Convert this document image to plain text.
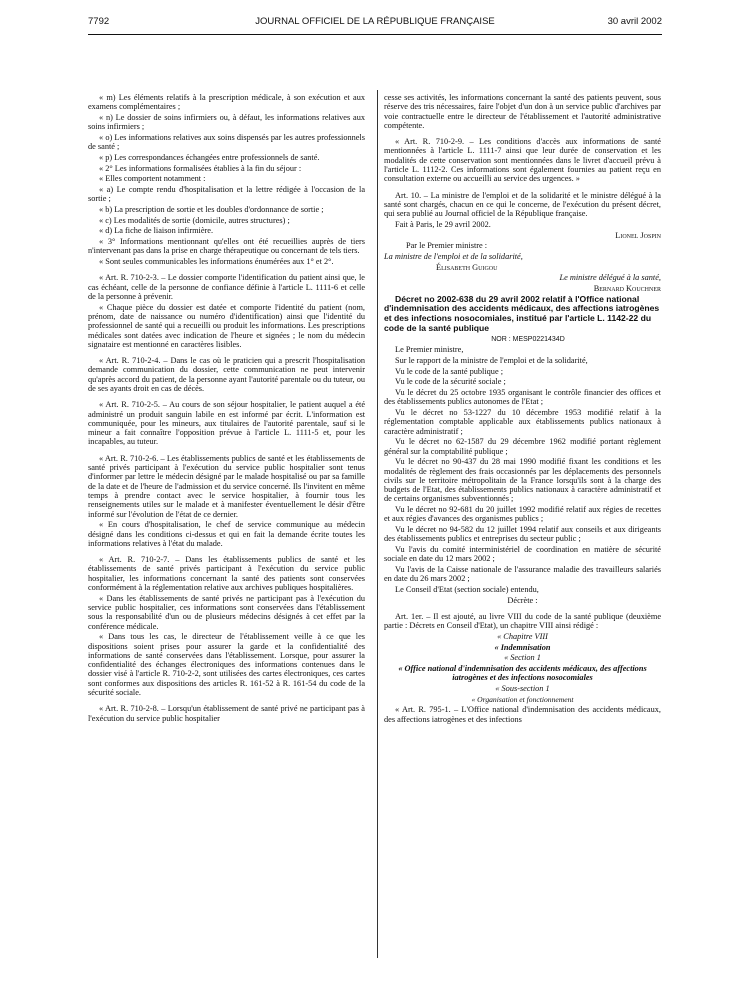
7792	JOURNAL OFFICIEL DE LA RÉPUBLIQUE FRANÇAISE	30 avril 2002

« m) Les éléments relatifs à la prescription médicale, à son exécution et aux examens complémentaires ;

« n) Le dossier de soins infirmiers ou, à défaut, les informations relatives aux soins infirmiers ;

« o) Les informations relatives aux soins dispensés par les autres professionnels de santé ;

« p) Les correspondances échangées entre professionnels de santé.

« 2° Les informations formalisées établies à la fin du séjour :

« Elles comportent notamment :

« a) Le compte rendu d'hospitalisation et la lettre rédigée à l'occasion de la sortie ;

« b) La prescription de sortie et les doubles d'ordonnance de sortie ;

« c) Les modalités de sortie (domicile, autres structures) ;

« d) La fiche de liaison infirmière.

« 3° Informations mentionnant qu'elles ont été recueillies auprès de tiers n'intervenant pas dans la prise en charge thérapeutique ou concernant de tels tiers.

« Sont seules communicables les informations énumérées aux 1° et 2°.

« Art. R. 710-2-3. – Le dossier comporte l'identification du patient ainsi que, le cas échéant, celle de la personne de confiance définie à l'article L. 1111-6 et celle de la personne à prévenir.

« Chaque pièce du dossier est datée et comporte l'identité du patient (nom, prénom, date de naissance ou numéro d'identification) ainsi que l'identité du professionnel de santé qui a recueilli ou produit les informations. Les prescriptions médicales sont datées avec indication de l'heure et signées ; le nom du médecin signataire est mentionné en caractères lisibles.

« Art. R. 710-2-4. – Dans le cas où le praticien qui a prescrit l'hospitalisation demande communication du dossier, cette communication ne peut intervenir qu'après accord du patient, de la personne ayant l'autorité parentale ou du tuteur, ou de ses ayants droit en cas de décès.

« Art. R. 710-2-5. – Au cours de son séjour hospitalier, le patient auquel a été administré un produit sanguin labile en est informé par écrit. L'information est communiquée, pour les mineurs, aux titulaires de l'autorité parentale, sauf si le mineur a fait connaître l'opposition prévue à l'article L. 1111-5 et, pour les incapables, au tuteur.

« Art. R. 710-2-6. – Les établissements publics de santé et les établissements de santé privés participant à l'exécution du service public hospitalier sont tenus d'informer par lettre le médecin désigné par le malade hospitalisé ou par sa famille de la date et de l'heure de l'admission et du service concerné. Ils l'invitent en même temps à prendre contact avec le service hospitalier, à fournir tous les renseignements utiles sur le malade et à manifester éventuellement le désir d'être informé sur l'évolution de l'état de ce dernier.

« En cours d'hospitalisation, le chef de service communique au médecin désigné dans les conditions ci-dessus et qui en fait la demande écrite toutes les informations relatives à l'état du malade.

« Art. R. 710-2-7. – Dans les établissements publics de santé et les établissements de santé privés participant à l'exécution du service public hospitalier, les informations concernant la santé des patients sont conservées conformément à la réglementation relative aux archives publiques hospitalières.

« Dans les établissements de santé privés ne participant pas à l'exécution du service public hospitalier, ces informations sont conservées dans l'établissement sous la responsabilité d'un ou de plusieurs médecins désignés à cet effet par la conférence médicale.

« Dans tous les cas, le directeur de l'établissement veille à ce que les dispositions soient prises pour assurer la garde et la confidentialité des informations de santé conservées dans l'établissement. Lorsque, pour assurer la confidentialité des échanges électroniques des informations contenues dans le dossier visé à l'article R. 710-2-2, sont utilisées des cartes électroniques, ces cartes sont conformes aux dispositions des articles R. 161-52 à R. 161-54 du code de la sécurité sociale.

« Art. R. 710-2-8. – Lorsqu'un établissement de santé privé ne participant pas à l'exécution du service public hospitalier

cesse ses activités, les informations concernant la santé des patients peuvent, sous réserve des tris nécessaires, faire l'objet d'un don à un service public d'archives par voie contractuelle entre le directeur de l'établissement et l'autorité administrative compétente.

« Art. R. 710-2-9. – Les conditions d'accès aux informations de santé mentionnées à l'article L. 1111-7 ainsi que leur durée de conservation et les modalités de cette conservation sont mentionnées dans le livret d'accueil prévu à l'article L. 1112-2. Ces informations sont également fournies au patient reçu en consultation externe ou accueilli au service des urgences. »

Art. 10. – La ministre de l'emploi et de la solidarité et le ministre délégué à la santé sont chargés, chacun en ce qui le concerne, de l'exécution du présent décret, qui sera publié au Journal officiel de la République française.

Fait à Paris, le 29 avril 2002.

Lionel Jospin

Par le Premier ministre :

La ministre de l'emploi et de la solidarité,

Élisabeth Guigou

Le ministre délégué à la santé,

Bernard Kouchner

Décret no 2002-638 du 29 avril 2002 relatif à l'Office national d'indemnisation des accidents médicaux, des affections iatrogènes et des infections nosocomiales, institué par l'article L. 1142-22 du code de la santé publique

NOR : MESP0221434D

Le Premier ministre,

Sur le rapport de la ministre de l'emploi et de la solidarité,

Vu le code de la santé publique ;

Vu le code de la sécurité sociale ;

Vu le décret du 25 octobre 1935 organisant le contrôle financier des offices et des établissements publics autonomes de l'Etat ;

Vu le décret no 53-1227 du 10 décembre 1953 modifié relatif à la réglementation comptable applicable aux établissements publics nationaux à caractère administratif ;

Vu le décret no 62-1587 du 29 décembre 1962 modifié portant règlement général sur la comptabilité publique ;

Vu le décret no 90-437 du 28 mai 1990 modifié fixant les conditions et les modalités de règlement des frais occasionnés par les déplacements des personnels civils sur le territoire métropolitain de la France lorsqu'ils sont à la charge des budgets de l'Etat, des établissements publics nationaux à caractère administratif et de certains organismes subventionnés ;

Vu le décret no 92-681 du 20 juillet 1992 modifié relatif aux régies de recettes et aux régies d'avances des organismes publics ;

Vu le décret no 94-582 du 12 juillet 1994 relatif aux conseils et aux dirigeants des établissements publics et entreprises du secteur public ;

Vu l'avis du comité interministériel de coordination en matière de sécurité sociale en date du 12 mars 2002 ;

Vu l'avis de la Caisse nationale de l'assurance maladie des travailleurs salariés en date du 26 mars 2002 ;

Le Conseil d'Etat (section sociale) entendu,

Décrète :

Art. 1er. – Il est ajouté, au livre VIII du code de la santé publique (deuxième partie : Décrets en Conseil d'Etat), un chapitre VIII ainsi rédigé :

« Chapitre VIII

« Indemnisation

« Section 1

« Office national d'indemnisation des accidents médicaux, des affections iatrogènes et des infections nosocomiales

« Sous-section 1

« Organisation et fonctionnement

« Art. R. 795-1. – L'Office national d'indemnisation des accidents médicaux, des affections iatrogènes et des infections
